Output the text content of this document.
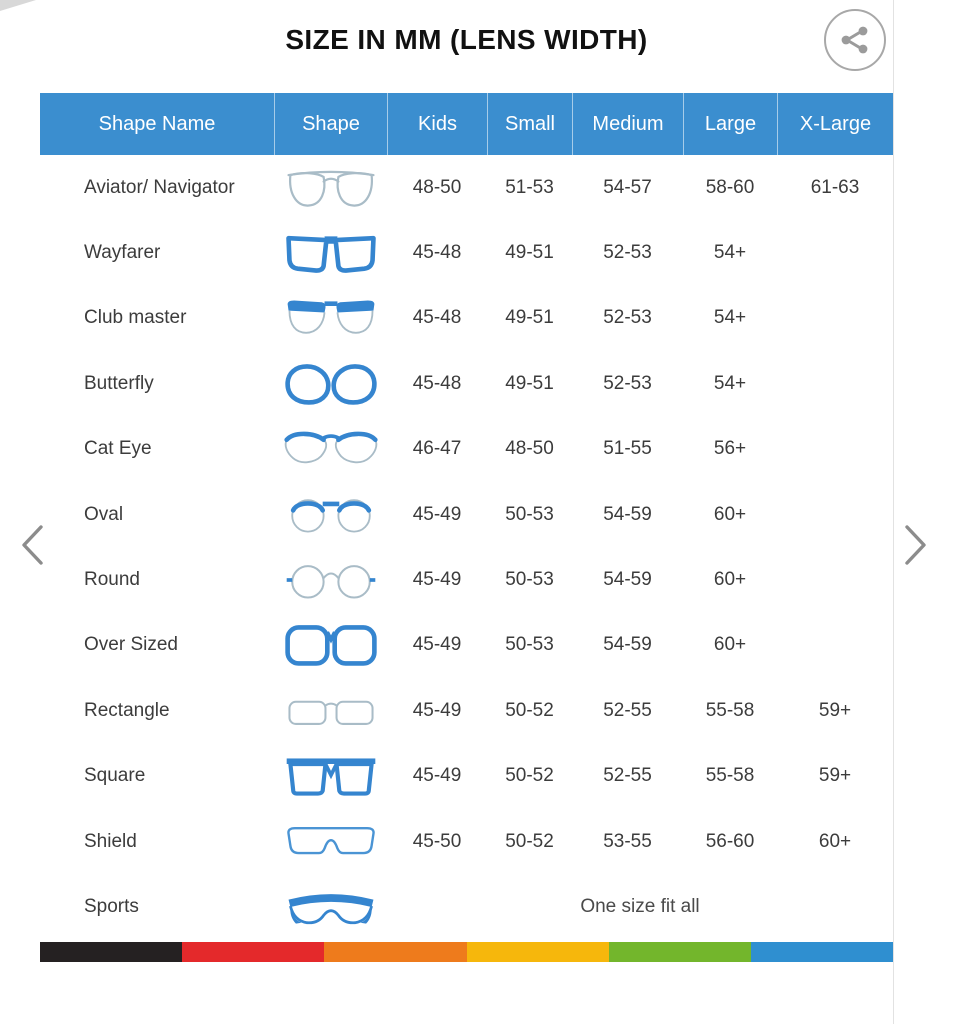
SIZE IN MM (LENS WIDTH)
Shape Name	Shape	Kids	Small	Medium	Large	X-Large
Aviator/ Navigator	48-50	51-53	54-57	58-60	61-63
Wayfarer	45-48	49-51	52-53	54+
Club master	45-48	49-51	52-53	54+
Butterfly	45-48	49-51	52-53	54+
Cat Eye	46-47	48-50	51-55	56+
Oval	45-49	50-53	54-59	60+
Round	45-49	50-53	54-59	60+
Over Sized	45-49	50-53	54-59	60+
Rectangle	45-49	50-52	52-55	55-58	59+
Square	45-49	50-52	52-55	55-58	59+
Shield	45-50	50-52	53-55	56-60	60+
Sports	One size fit all
